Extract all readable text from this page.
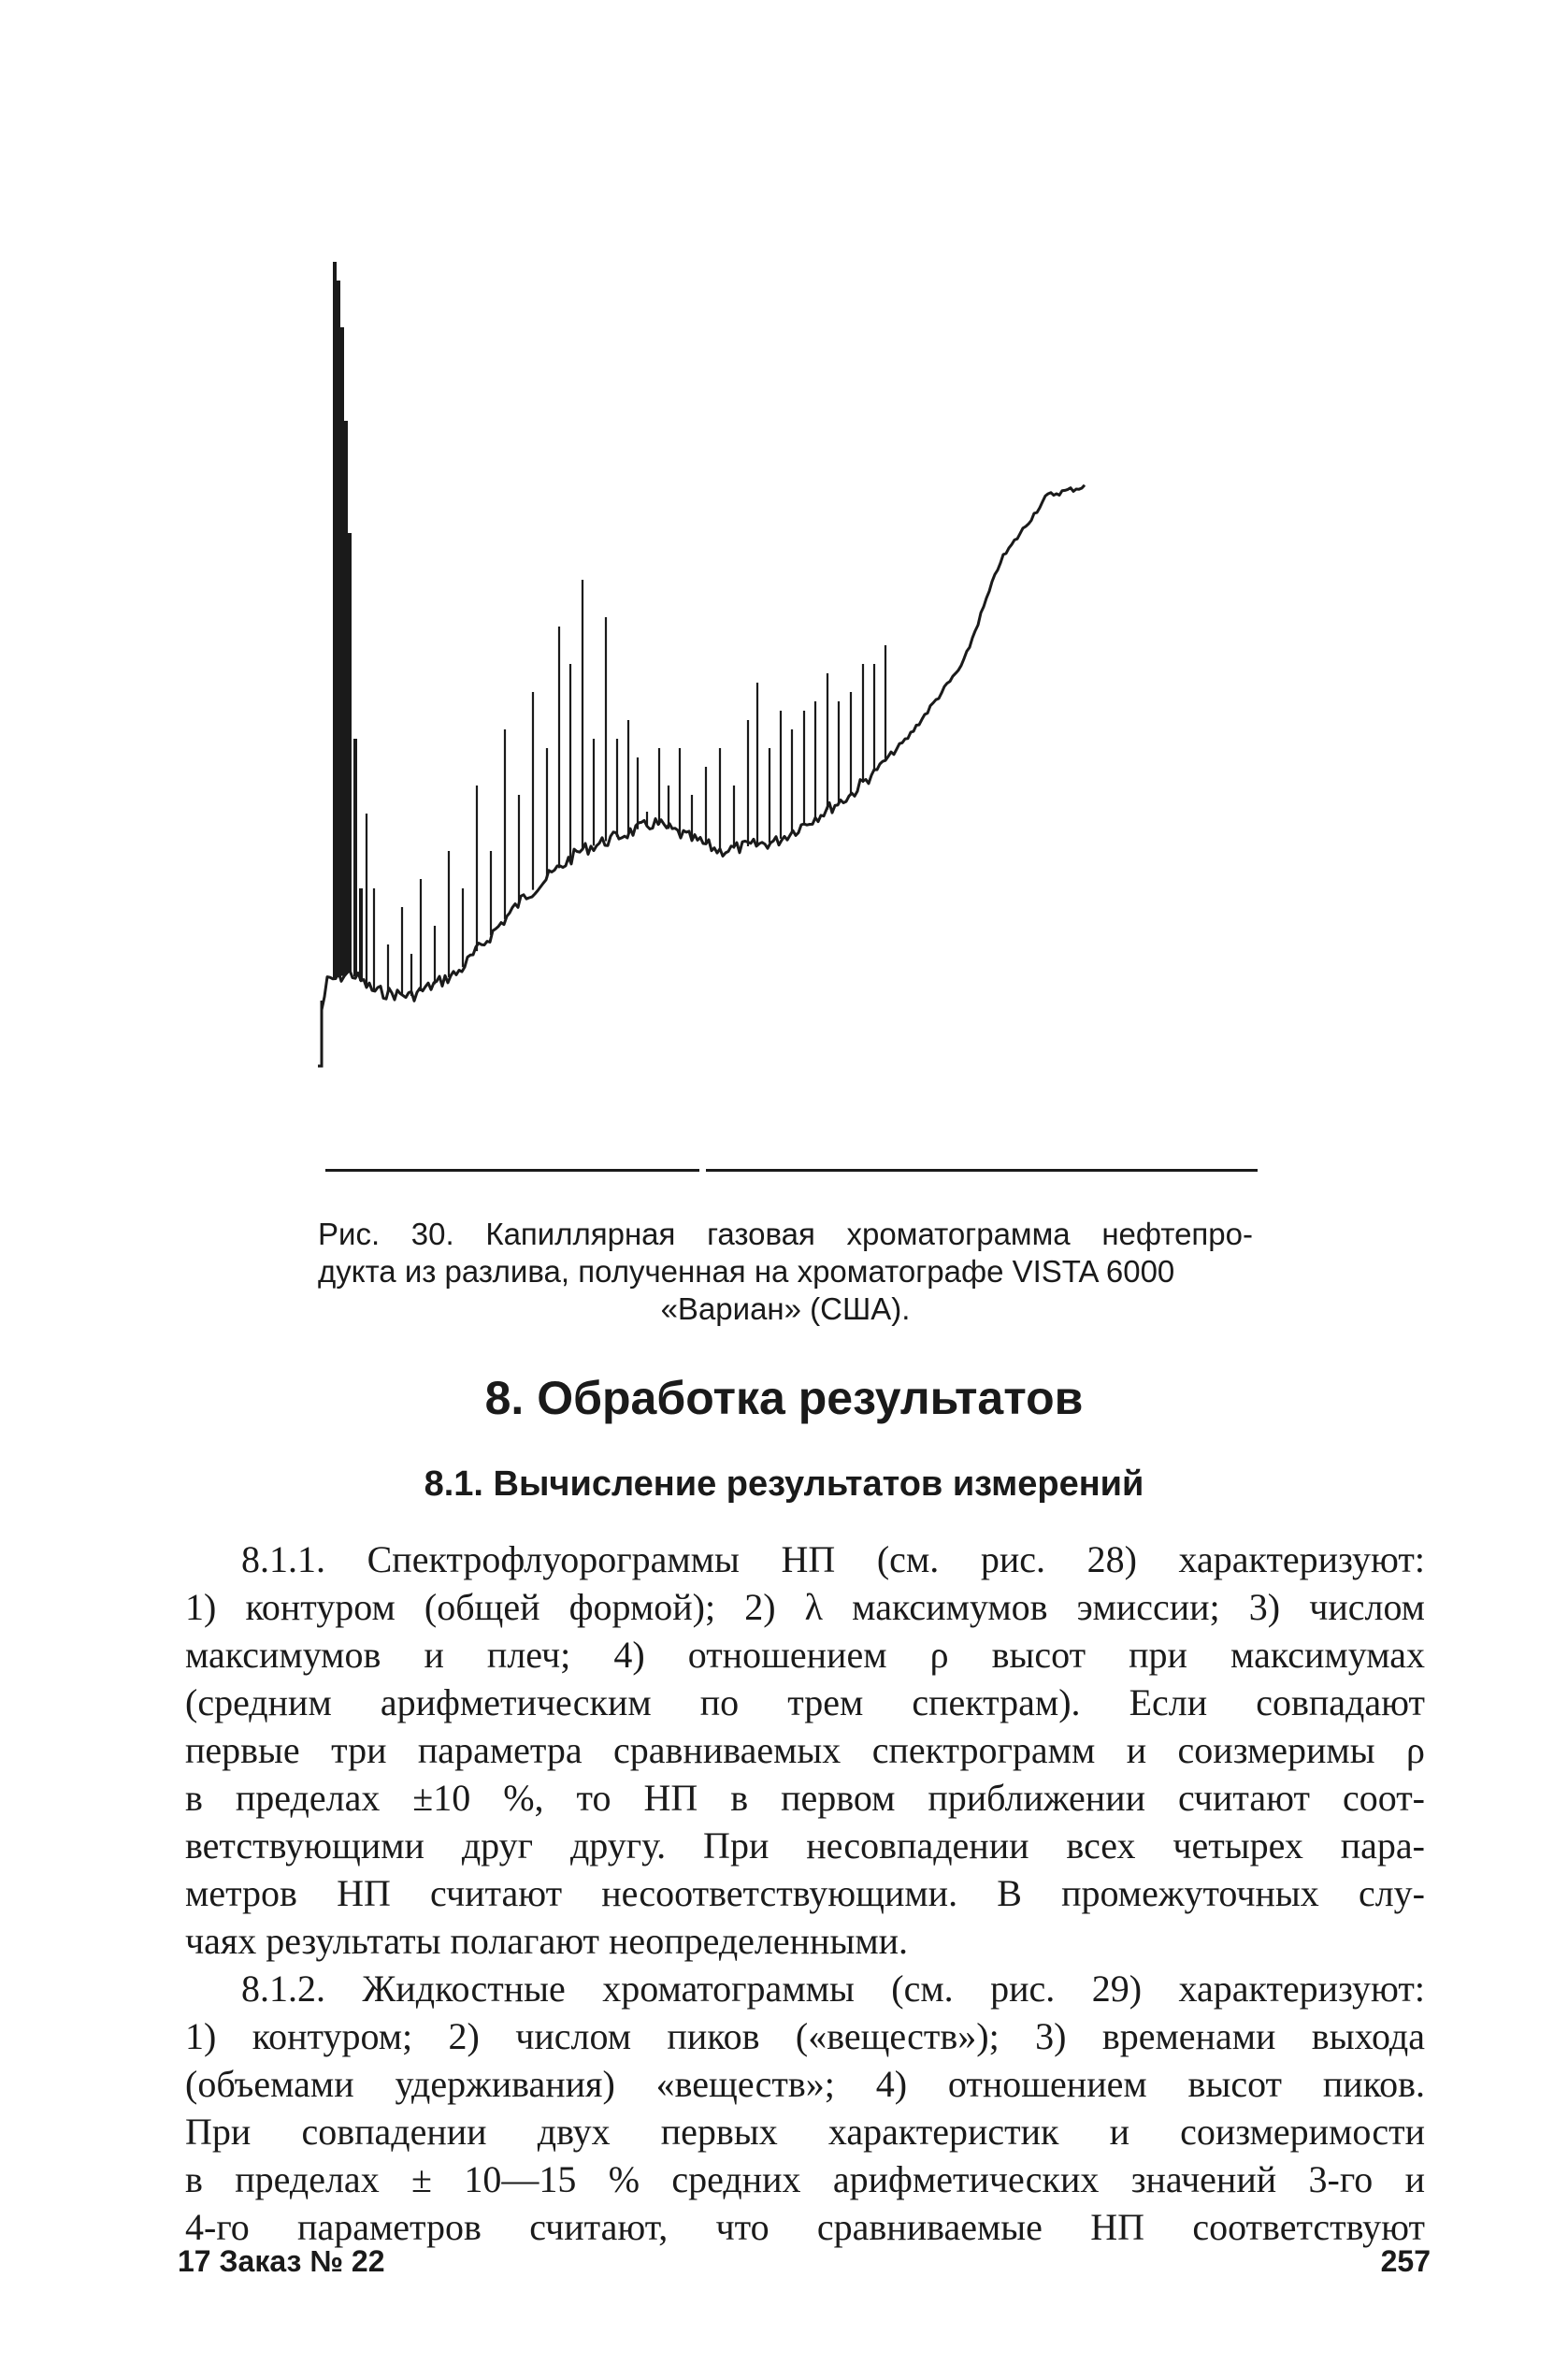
Рис. 30. Капиллярная газовая хроматограмма нефтепро-
дукта из разлива, полученная на хроматографе VISTA 6000
«Вариан» (США).
8. Обработка результатов
8.1. Вычисление результатов измерений
8.1.1. Спектрофлуорограммы НП (см. рис. 28) характеризуют:
1) контуром (общей формой); 2) λ максимумов эмиссии; 3) числом
максимумов и плеч; 4) отношением ρ высот при максимумах
(средним арифметическим по трем спектрам). Если совпадают
первые три параметра сравниваемых спектрограмм и соизмеримы ρ
в пределах ±10 %, то НП в первом приближении считают соот-
ветствующими друг другу. При несовпадении всех четырех пара-
метров НП считают несоответствующими. В промежуточных слу-
чаях результаты полагают неопределенными.
8.1.2. Жидкостные хроматограммы (см. рис. 29) характеризуют:
1) контуром; 2) числом пиков («веществ»); 3) временами выхода
(объемами удерживания) «веществ»; 4) отношением высот пиков.
При совпадении двух первых характеристик и соизмеримости
в пределах ± 10—15 % средних арифметических значений 3-го и
4-го параметров считают, что сравниваемые НП соответствуют
17 Заказ № 22	257
